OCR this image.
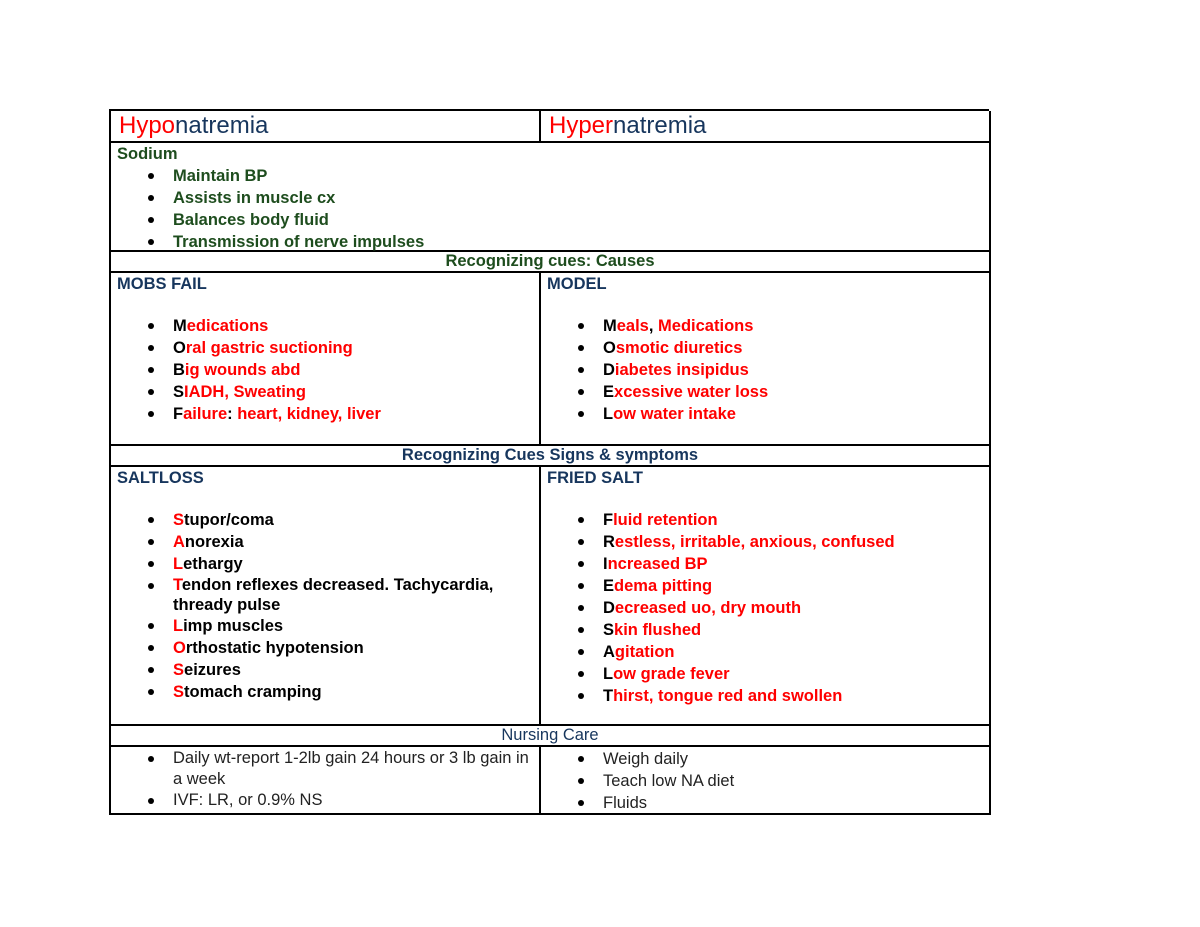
Hyponatremia	Hypernatremia
Sodium
Maintain BP
Assists in muscle cx
Balances body fluid
Transmission of nerve impulses
Recognizing cues: Causes
MOBS FAIL
Medications
Oral gastric suctioning
Big wounds abd
SIADH, Sweating
Failure: heart, kidney, liver
MODEL
Meals, Medications
Osmotic diuretics
Diabetes insipidus
Excessive water loss
Low water intake
Recognizing Cues Signs & symptoms
SALTLOSS
Stupor/coma
Anorexia
Lethargy
Tendon reflexes decreased. Tachycardia, thready pulse
Limp muscles
Orthostatic hypotension
Seizures
Stomach cramping
FRIED SALT
Fluid retention
Restless, irritable, anxious, confused
Increased BP
Edema pitting
Decreased uo, dry mouth
Skin flushed
Agitation
Low grade fever
Thirst, tongue red and swollen
Nursing Care
Daily wt-report 1-2lb gain 24 hours or 3 lb gain in a week
IVF: LR, or 0.9% NS
Weigh daily
Teach low NA diet
Fluids
